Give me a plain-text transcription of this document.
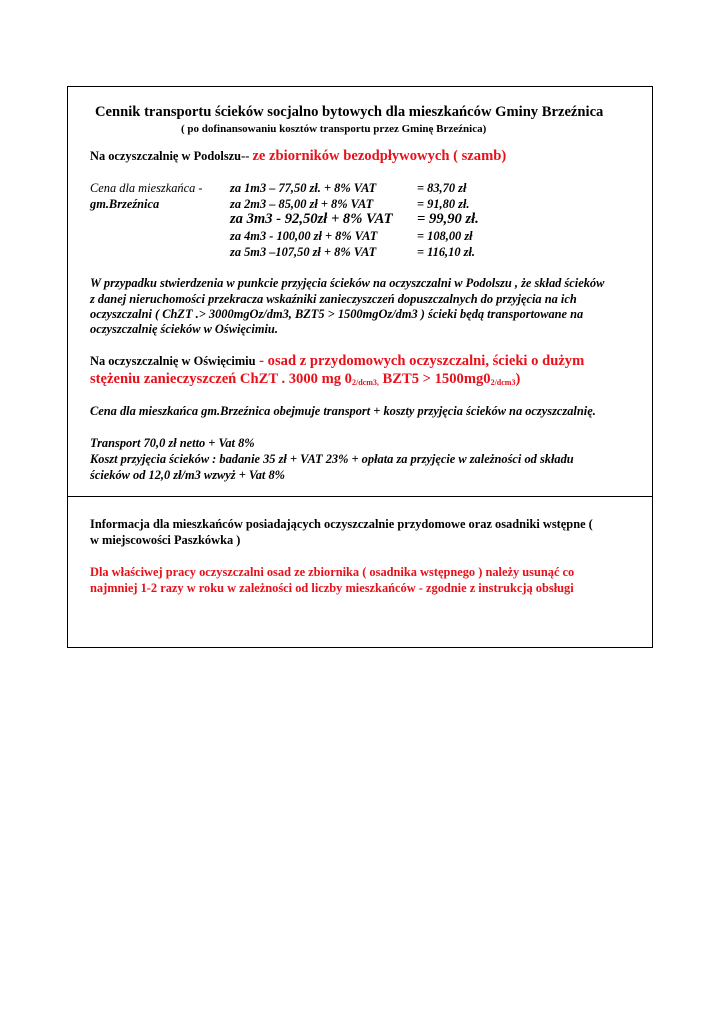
Cennik transportu ścieków socjalno bytowych dla mieszkańców Gminy Brzeźnica
( po dofinansowaniu kosztów transportu przez Gminę Brzeźnica)
Na oczyszczalnię w Podolszu-- ze zbiorników bezodpływowych ( szamb)
Cena dla mieszkańca - za 1m3 – 77,50 zł. + 8% VAT	= 83,70 zł
gm.Brzeźnica	za 2m3 – 85,00 zł + 8% VAT	= 91,80 zł.
za 3m3 - 92,50zł + 8% VAT = 99,90 zł.
za 4m3 - 100,00 zł + 8% VAT	= 108,00 zł
za 5m3 –107,50 zł + 8% VAT	= 116,10 zł.
W przypadku stwierdzenia w punkcie przyjęcia ścieków na oczyszczalni w Podolszu , że skład ścieków
z danej nieruchomości przekracza wskaźniki zanieczyszczeń dopuszczalnych do przyjęcia na ich
oczyszczalni ( ChZT .> 3000mgOz/dm3, BZT5 > 1500mgOz/dm3 ) ścieki będą transportowane na
oczyszczalnię ścieków w Oświęcimiu.
Na oczyszczalnię w Oświęcimiu - osad z przydomowych oczyszczalni, ścieki o dużym
stężeniu zanieczyszczeń ChZT . 3000 mg $0_{2/dcm3,}$ $BZT5 > 1500mg0_{2/dcm3}$)
Cena dla mieszkańca gm.Brzeźnica obejmuje transport + koszty przyjęcia ścieków na oczyszczalnię.
Transport 70,0 zł netto + Vat 8%
Koszt przyjęcia ścieków : badanie 35 zł + VAT 23% + opłata za przyjęcie w zależności od składu
ścieków od 12,0 zł/m3 wzwyż + Vat 8%
Informacja dla mieszkańców posiadających oczyszczalnie przydomowe oraz osadniki wstępne (
w miejscowości Paszkówka )
Dla właściwej pracy oczyszczalni osad ze zbiornika ( osadnika wstępnego ) należy usunąć co
najmniej 1-2 razy w roku w zależności od liczby mieszkańców - zgodnie z instrukcją obsługi
